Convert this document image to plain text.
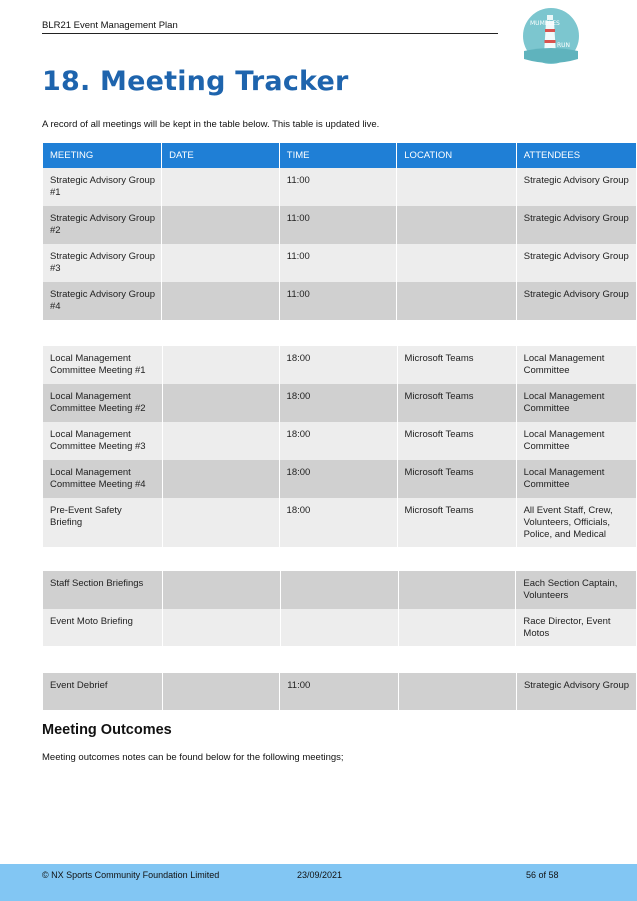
BLR21 Event Management Plan	MUMBLES
RUN
18. Meeting Tracker
A record of all meetings will be kept in the table below. This table is updated live.
MEETING	DATE	TIME	LOCATION	ATTENDEES
Strategic Advisory Group #1		11:00		Strategic Advisory Group
Strategic Advisory Group #2		11:00		Strategic Advisory Group
Strategic Advisory Group #3		11:00		Strategic Advisory Group
Strategic Advisory Group #4		11:00		Strategic Advisory Group
Local Management Committee Meeting #1		18:00	Microsoft Teams	Local Management Committee
Local Management Committee Meeting #2		18:00	Microsoft Teams	Local Management Committee
Local Management Committee Meeting #3		18:00	Microsoft Teams	Local Management Committee
Local Management Committee Meeting #4		18:00	Microsoft Teams	Local Management Committee
Pre-Event Safety Briefing		18:00	Microsoft Teams	All Event Staff, Crew, Volunteers, Officials, Police, and Medical
Staff Section Briefings				Each Section Captain, Volunteers
Event Moto Briefing				Race Director, Event Motos
Event Debrief		11:00		Strategic Advisory Group
Meeting Outcomes
Meeting outcomes notes can be found below for the following meetings;
© NX Sports Community Foundation Limited	23/09/2021	56 of 58
